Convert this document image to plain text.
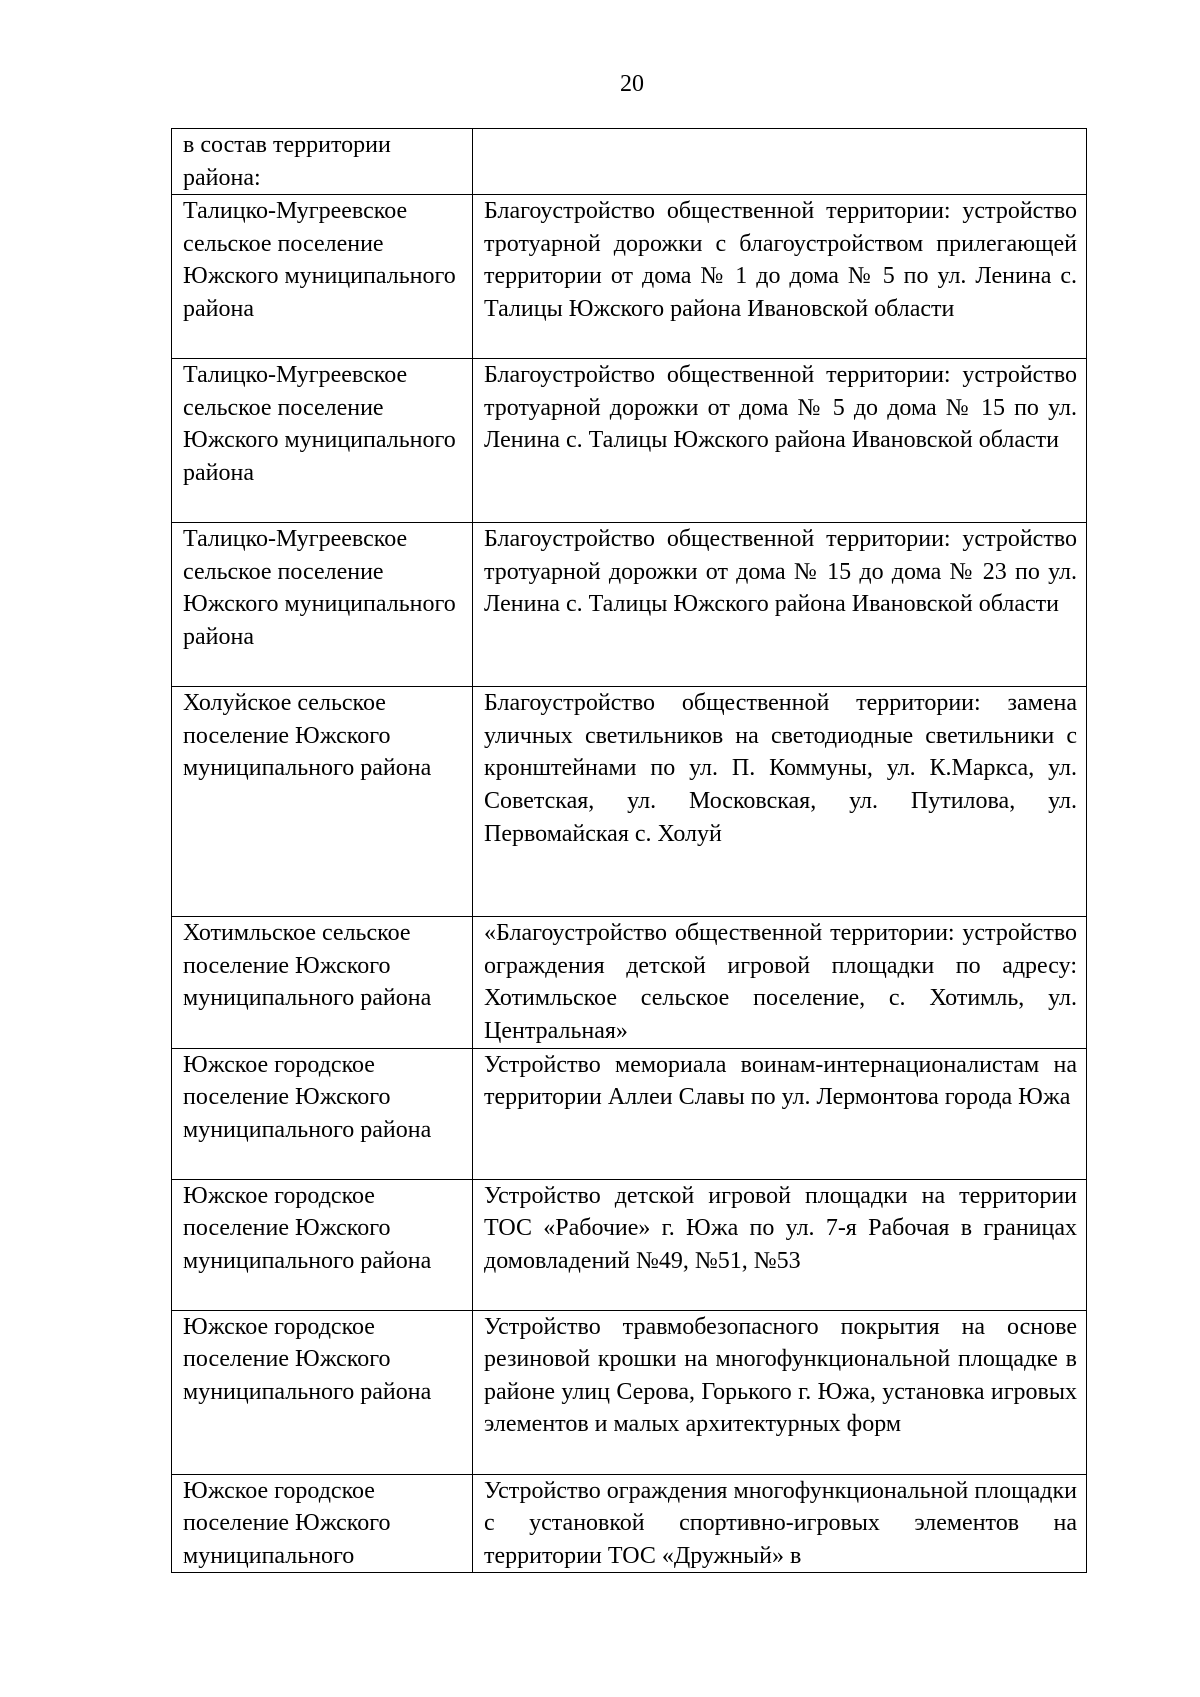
20
в состав территории района:	
Талицко-Мугреевское сельское поселение Южского муниципального района	Благоустройство общественной территории: устройство тротуарной дорожки с благоустройством прилегающей территории от дома № 1 до дома № 5 по ул. Ленина с. Талицы Южского района Ивановской области
Талицко-Мугреевское сельское поселение Южского муниципального района	Благоустройство общественной территории: устройство тротуарной дорожки от дома № 5 до дома № 15 по ул. Ленина с. Талицы Южского района Ивановской области
Талицко-Мугреевское сельское поселение Южского муниципального района	Благоустройство общественной территории: устройство тротуарной дорожки от дома № 15 до дома № 23 по ул. Ленина с. Талицы Южского района Ивановской области
Холуйское сельское поселение Южского муниципального района	Благоустройство общественной территории: замена уличных светильников на светодиодные светильники с кронштейнами по ул. П. Коммуны, ул. К.Маркса, ул. Советская, ул. Московская, ул. Путилова, ул. Первомайская с. Холуй
Хотимльское сельское поселение Южского муниципального района	«Благоустройство общественной территории: устройство ограждения детской игровой площадки по адресу: Хотимльское сельское поселение, с. Хотимль, ул. Центральная»
Южское городское поселение Южского муниципального района	Устройство мемориала воинам-интернационалистам на территории Аллеи Славы по ул. Лермонтова города Южа
Южское городское поселение Южского муниципального района	Устройство детской игровой площадки на территории ТОС «Рабочие» г. Южа по ул. 7-я Рабочая в границах домовладений №49, №51, №53
Южское городское поселение Южского муниципального района	Устройство травмобезопасного покрытия на основе резиновой крошки на многофункциональной площадке в районе улиц Серова, Горького г. Южа, установка игровых элементов и малых архитектурных форм
Южское городское поселение Южского муниципального	Устройство ограждения многофункциональной площадки с установкой спортивно-игровых элементов на территории ТОС «Дружный» в
